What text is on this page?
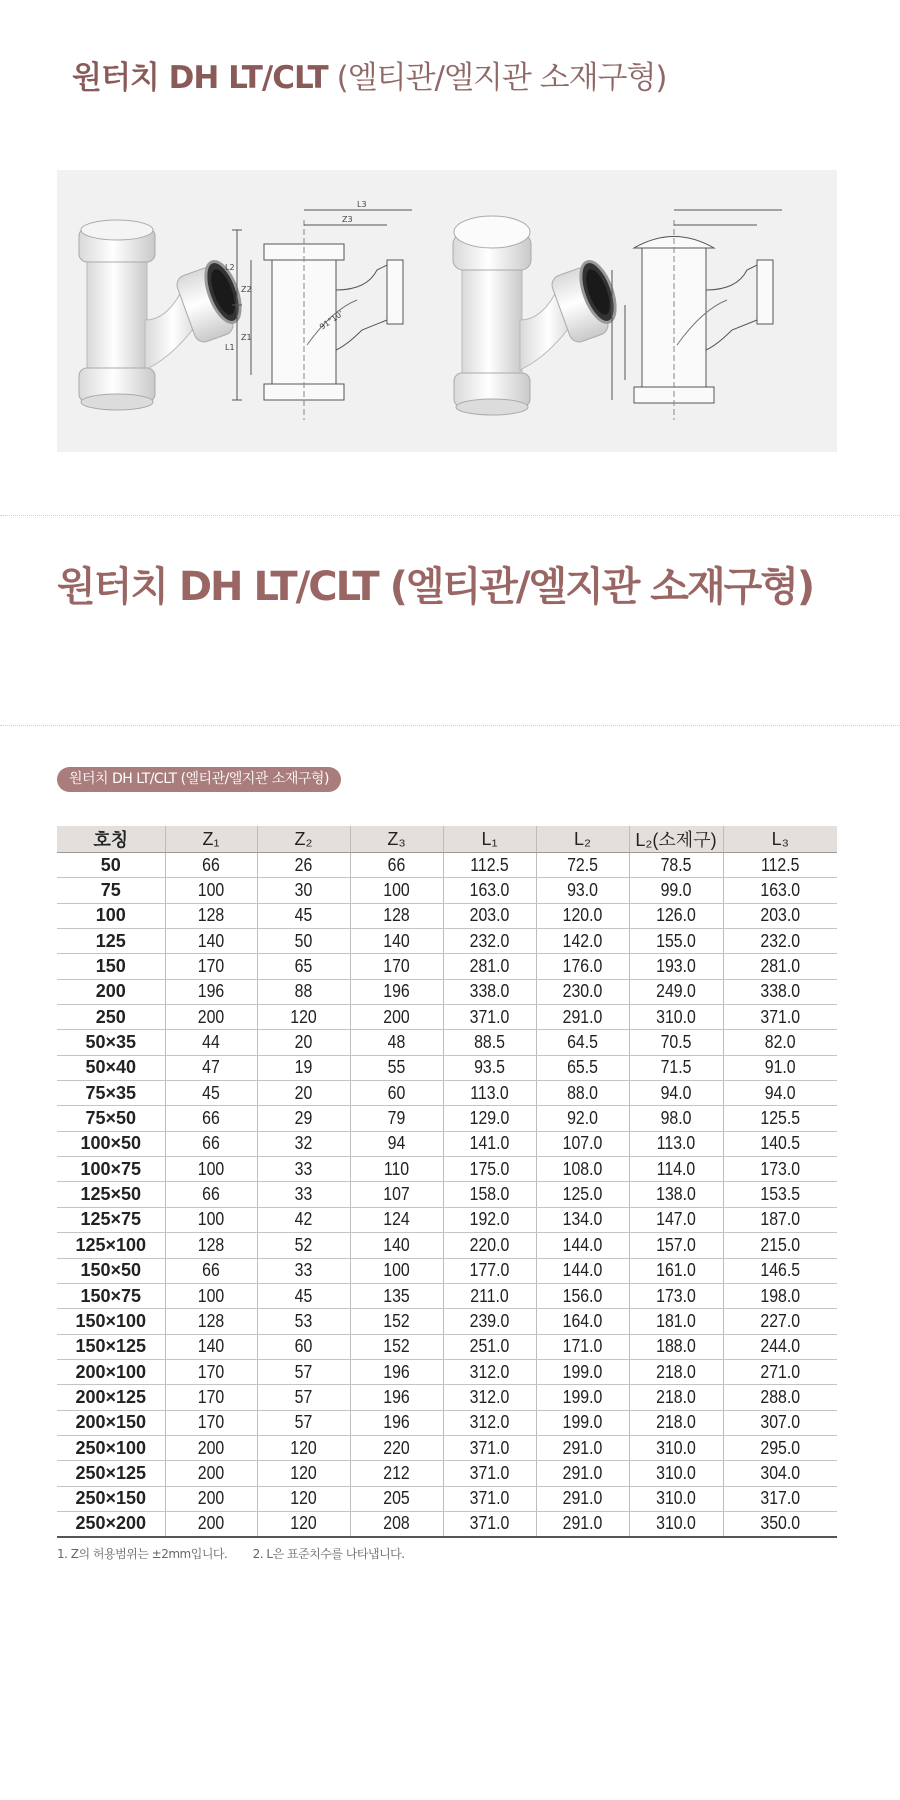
원터치 DH LT/CLT (엘티관/엘지관 소재구형)
L2
L1
Z2
Z1
L3
Z3
91°10'
원터치 DH LT/CLT (엘티관/엘지관 소재구형)
원터치 DH LT/CLT (엘티관/엘지관 소재구형)
호칭	Z₁	Z₂	Z₃	L₁	L₂	L₂(소제구)	L₃
50	66	26	66	112.5	72.5	78.5	112.5
75	100	30	100	163.0	93.0	99.0	163.0
100	128	45	128	203.0	120.0	126.0	203.0
125	140	50	140	232.0	142.0	155.0	232.0
150	170	65	170	281.0	176.0	193.0	281.0
200	196	88	196	338.0	230.0	249.0	338.0
250	200	120	200	371.0	291.0	310.0	371.0
50×35	44	20	48	88.5	64.5	70.5	82.0
50×40	47	19	55	93.5	65.5	71.5	91.0
75×35	45	20	60	113.0	88.0	94.0	94.0
75×50	66	29	79	129.0	92.0	98.0	125.5
100×50	66	32	94	141.0	107.0	113.0	140.5
100×75	100	33	110	175.0	108.0	114.0	173.0
125×50	66	33	107	158.0	125.0	138.0	153.5
125×75	100	42	124	192.0	134.0	147.0	187.0
125×100	128	52	140	220.0	144.0	157.0	215.0
150×50	66	33	100	177.0	144.0	161.0	146.5
150×75	100	45	135	211.0	156.0	173.0	198.0
150×100	128	53	152	239.0	164.0	181.0	227.0
150×125	140	60	152	251.0	171.0	188.0	244.0
200×100	170	57	196	312.0	199.0	218.0	271.0
200×125	170	57	196	312.0	199.0	218.0	288.0
200×150	170	57	196	312.0	199.0	218.0	307.0
250×100	200	120	220	371.0	291.0	310.0	295.0
250×125	200	120	212	371.0	291.0	310.0	304.0
250×150	200	120	205	371.0	291.0	310.0	317.0
250×200	200	120	208	371.0	291.0	310.0	350.0
1. Z의 허용범위는 ±2mm입니다. 2. L은 표준치수를 나타냅니다.
